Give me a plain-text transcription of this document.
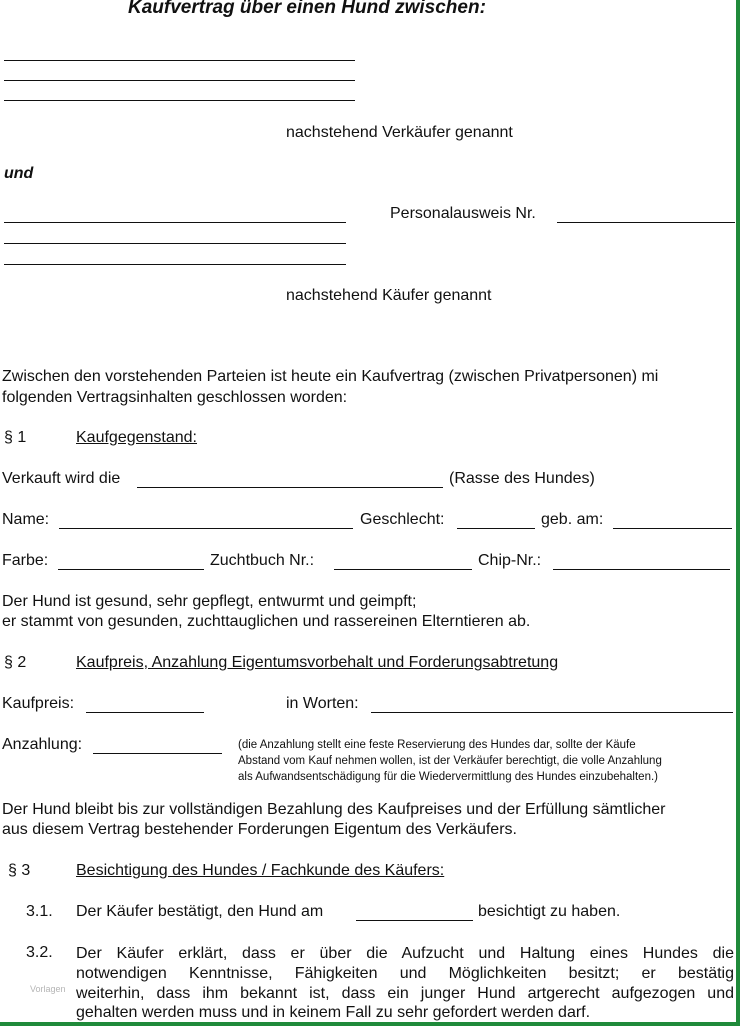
Kaufvertrag über einen Hund zwischen:
nachstehend Verkäufer genannt
und
Personalausweis Nr.
nachstehend Käufer genannt
Zwischen den vorstehenden Parteien ist heute ein Kaufvertrag (zwischen Privatpersonen) mi
folgenden Vertragsinhalten geschlossen worden:
§ 1	Kaufgegenstand:
Verkauft wird die	(Rasse des Hundes)
Name:	Geschlecht:	geb. am:
Farbe:	Zuchtbuch Nr.:	Chip-Nr.:
Der Hund ist gesund, sehr gepflegt, entwurmt und geimpft;
er stammt von gesunden, zuchttauglichen und rassereinen Elterntieren ab.
§ 2	Kaufpreis, Anzahlung Eigentumsvorbehalt und Forderungsabtretung
Kaufpreis:	in Worten:
Anzahlung:	(die Anzahlung stellt eine feste Reservierung des Hundes dar, sollte der Käufe
Abstand vom Kauf nehmen wollen, ist der Verkäufer berechtigt, die volle Anzahlung
als Aufwandsentschädigung für die Wiedervermittlung des Hundes einzubehalten.)
Der Hund bleibt bis zur vollständigen Bezahlung des Kaufpreises und der Erfüllung sämtlicher
aus diesem Vertrag bestehender Forderungen Eigentum des Verkäufers.
§ 3	Besichtigung des Hundes / Fachkunde des Käufers:
3.1. Der Käufer bestätigt, den Hund am	besichtigt zu haben.
3.2. Der Käufer erklärt, dass er über die Aufzucht und Haltung eines Hundes die
notwendigen Kenntnisse, Fähigkeiten und Möglichkeiten besitzt; er bestätig
weiterhin, dass ihm bekannt ist, dass ein junger Hund artgerecht aufgezogen und
gehalten werden muss und in keinem Fall zu sehr gefordert werden darf.
Vorlagen
